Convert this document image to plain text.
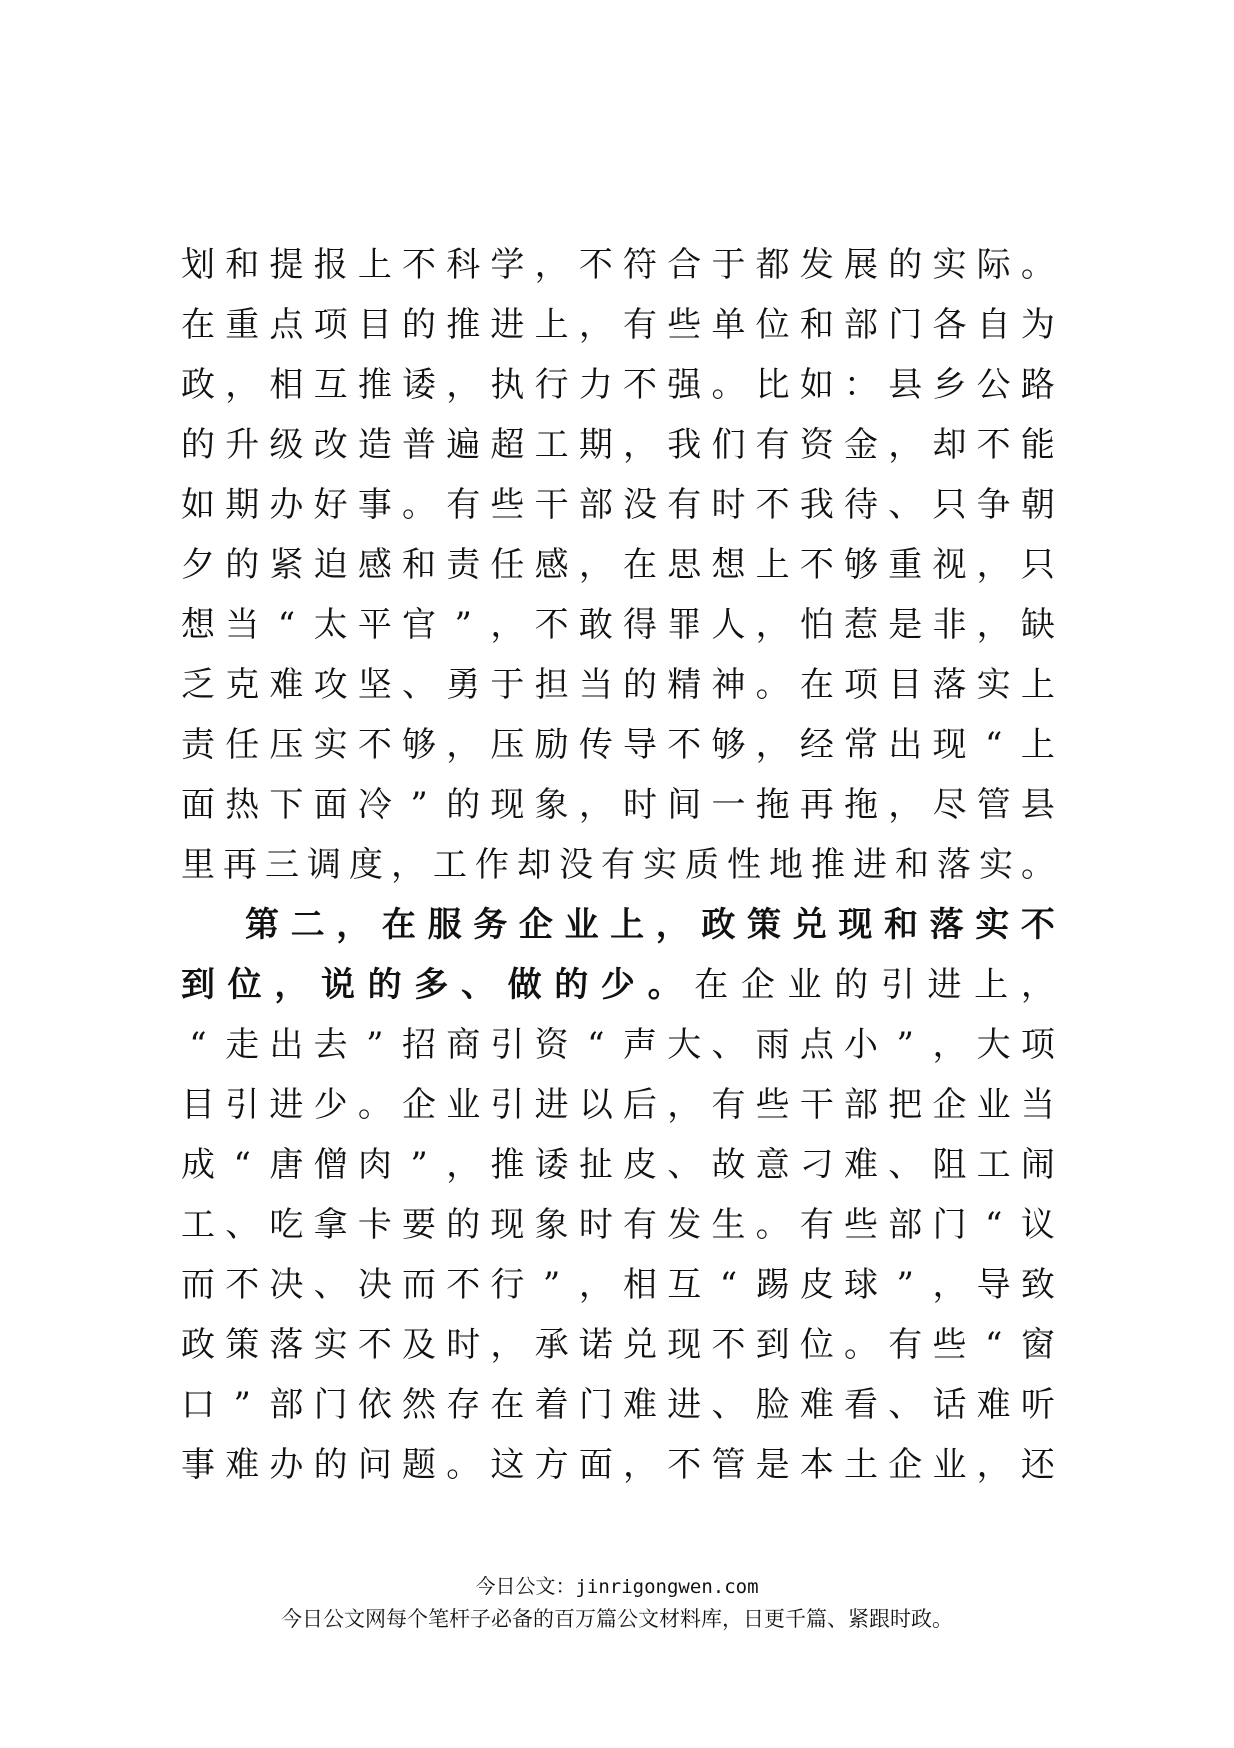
划 和 提 报 上 不 科 学 ， 不 符 合 于 都 发 展 的 实 际 。
在 重 点 项 目 的 推 进 上 ， 有 些 单 位 和 部 门 各 自 为
政 ， 相 互 推 诿 ， 执 行 力 不 强 。 比 如 ： 县 乡 公 路
的 升 级 改 造 普 遍 超 工 期 ， 我 们 有 资 金 ， 却 不 能
如 期 办 好 事 。 有 些 干 部 没 有 时 不 我 待 、 只 争 朝
夕 的 紧 迫 感 和 责 任 感 ， 在 思 想 上 不 够 重 视 ， 只
想 当 “ 太 平 官 ” ， 不 敢 得 罪 人 ， 怕 惹 是 非 ， 缺
乏 克 难 攻 坚 、 勇 于 担 当 的 精 神 。 在 项 目 落 实 上
责 任 压 实 不 够 ， 压 励 传 导 不 够 ， 经 常 出 现 “ 上
面 热 下 面 冷 ” 的 现 象 ， 时 间 一 拖 再 拖 ， 尽 管 县
里 再 三 调 度 ， 工 作 却 没 有 实 质 性 地 推 进 和 落 实 。
第 二 ， 在 服 务 企 业 上 ， 政 策 兑 现 和 落 实 不
到 位 ， 说 的 多 、 做 的 少 。 在 企 业 的 引 进 上 ，
“ 走 出 去 ” 招 商 引 资 “ 声 大 、 雨 点 小 ” ， 大 项
目 引 进 少 。 企 业 引 进 以 后 ， 有 些 干 部 把 企 业 当
成 “ 唐 僧 肉 ” ， 推 诿 扯 皮 、 故 意 刁 难 、 阻 工 闹
工 、 吃 拿 卡 要 的 现 象 时 有 发 生 。 有 些 部 门 “ 议
而 不 决 、 决 而 不 行 ” ， 相 互 “ 踢 皮 球 ” ， 导 致
政 策 落 实 不 及 时 ， 承 诺 兑 现 不 到 位 。 有 些 “ 窗
口 ” 部 门 依 然 存 在 着 门 难 进 、 脸 难 看 、 话 难 听
事 难 办 的 问 题 。 这 方 面 ， 不 管 是 本 土 企 业 ， 还
今日公文：jinrigongwen.com
今日公文网每个笔杆子必备的百万篇公文材料库，日更千篇、紧跟时政。
